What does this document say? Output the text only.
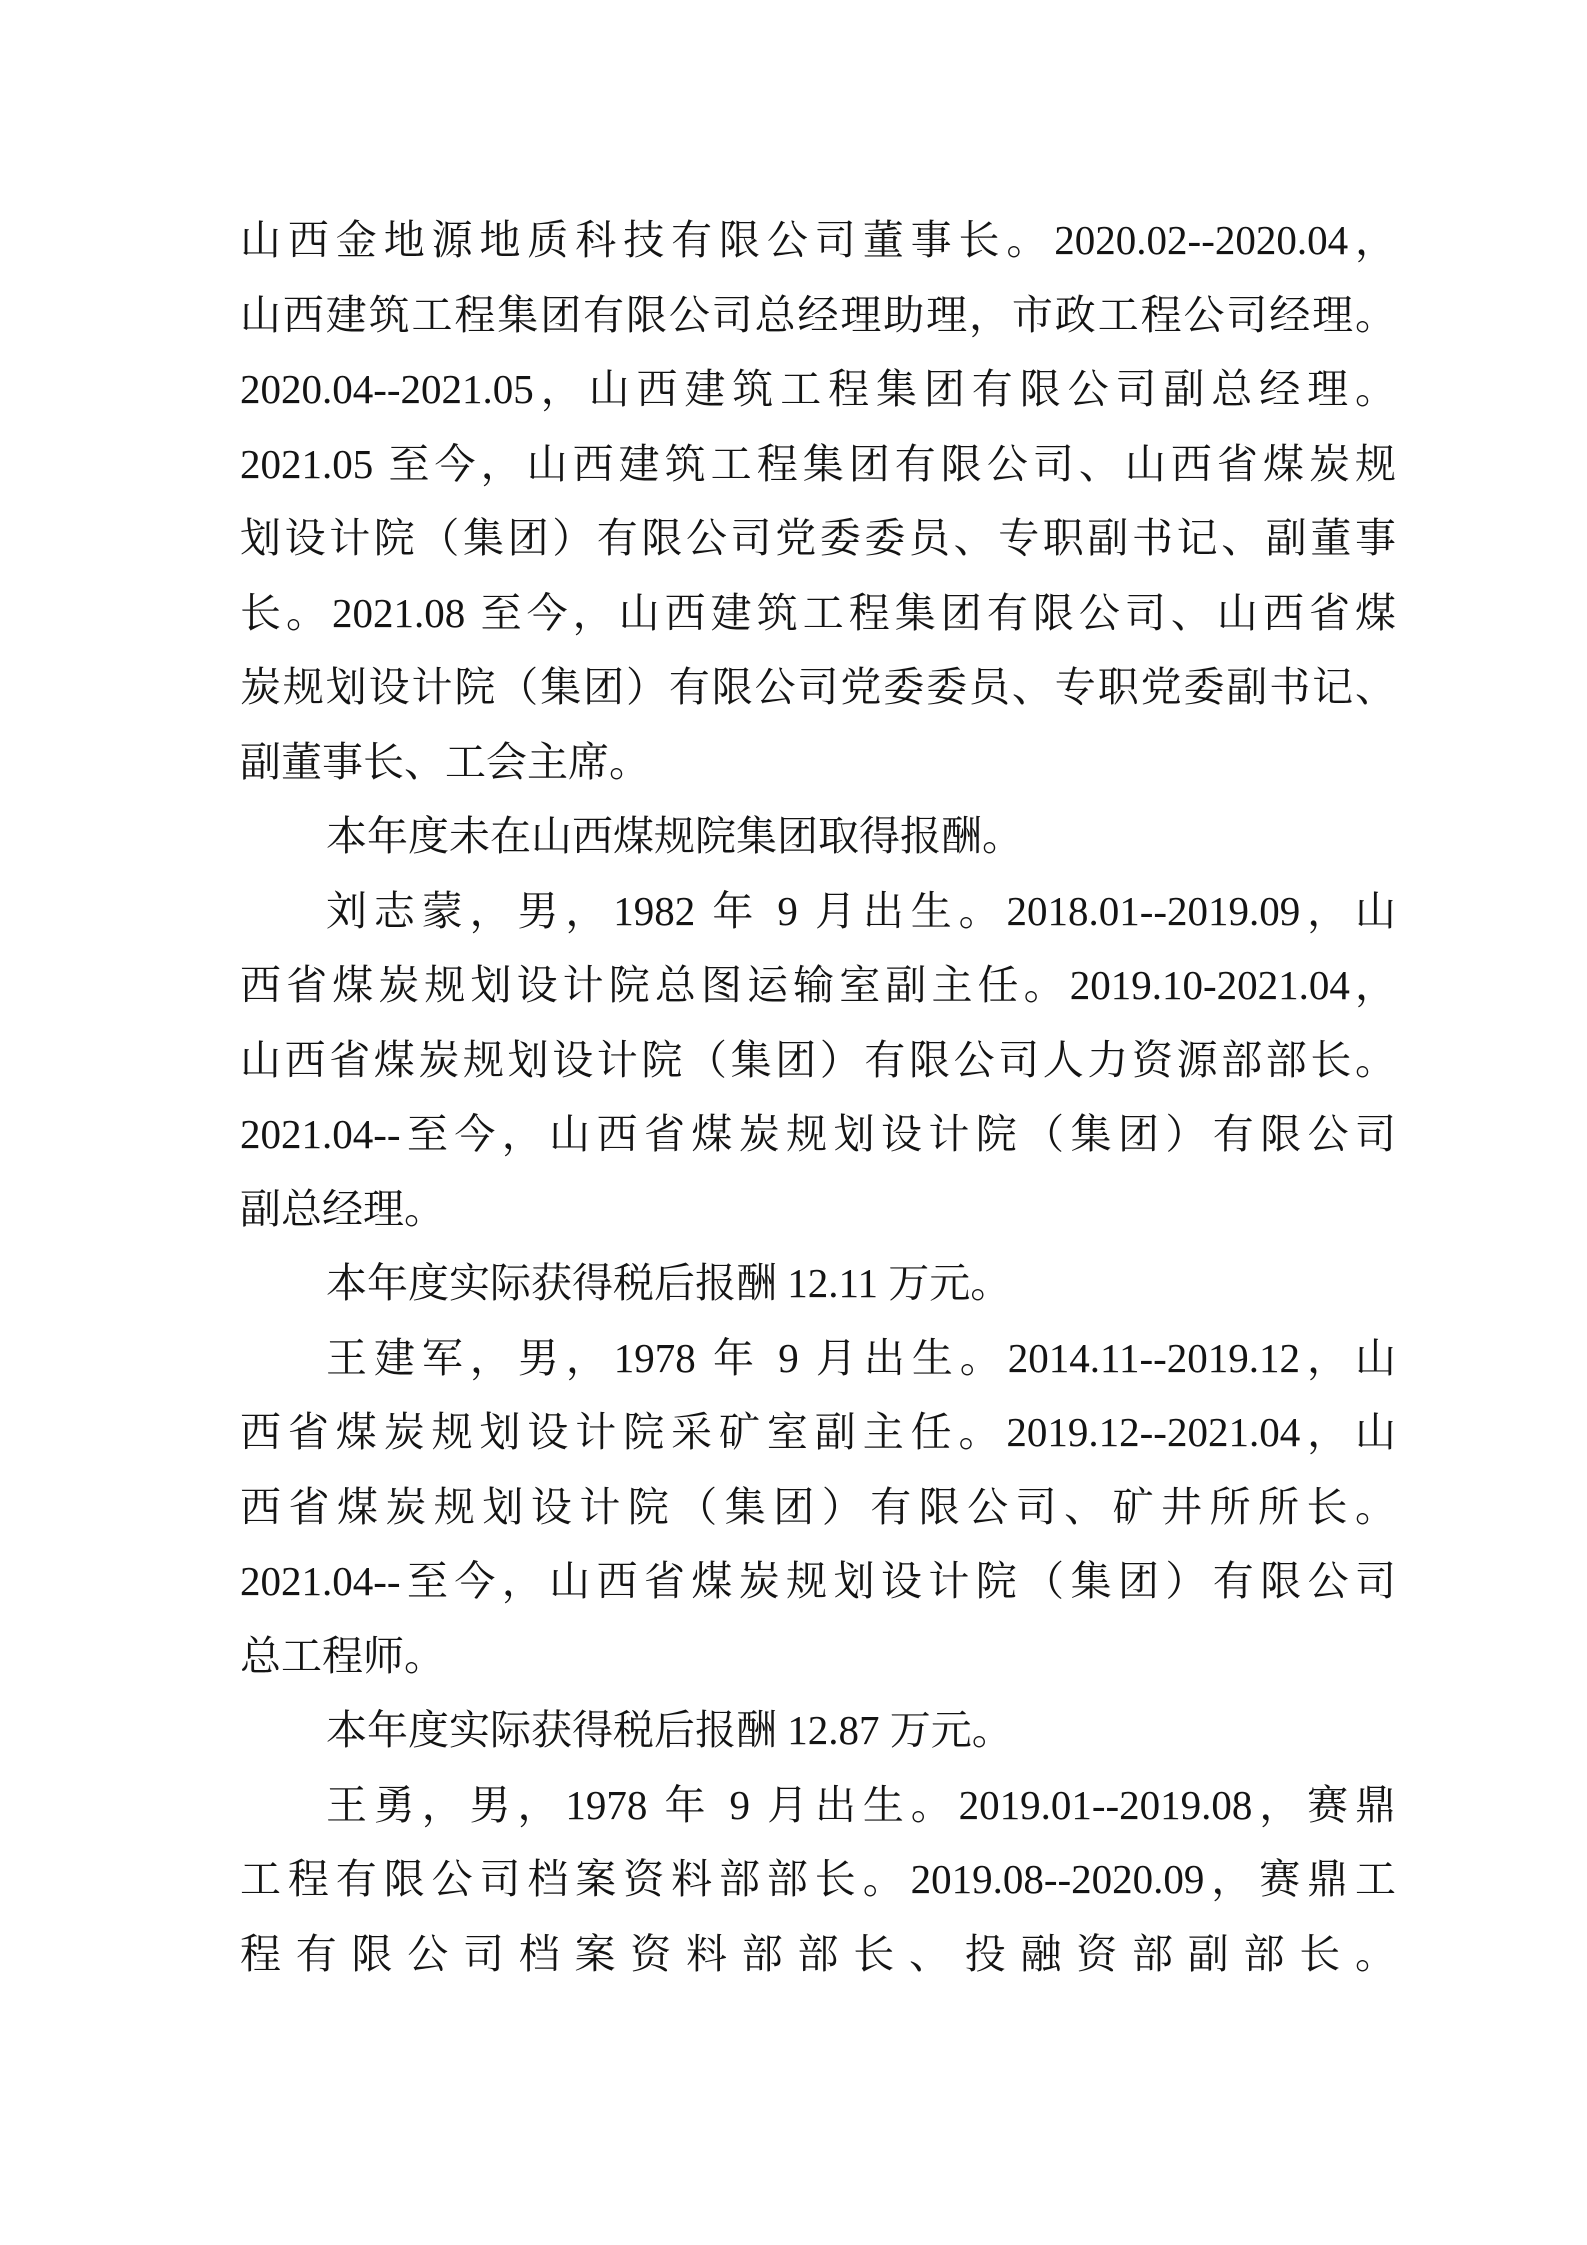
山西金地源地质科技有限公司董事长。2020.02--2020.04，
山西建筑工程集团有限公司总经理助理，市政工程公司经理。
2020.04--2021.05，山西建筑工程集团有限公司副总经理。
2021.05 至今，山西建筑工程集团有限公司、山西省煤炭规
划设计院（集团）有限公司党委委员、专职副书记、副董事
长。2021.08 至今，山西建筑工程集团有限公司、山西省煤
炭规划设计院（集团）有限公司党委委员、专职党委副书记、
副董事长、工会主席。
本年度未在山西煤规院集团取得报酬。
刘志蒙，男，1982 年 9 月出生。2018.01--2019.09，山
西省煤炭规划设计院总图运输室副主任。2019.10-2021.04，
山西省煤炭规划设计院（集团）有限公司人力资源部部长。
2021.04--至今，山西省煤炭规划设计院（集团）有限公司
副总经理。
本年度实际获得税后报酬 12.11 万元。
王建军，男，1978 年 9 月出生。2014.11--2019.12，山
西省煤炭规划设计院采矿室副主任。2019.12--2021.04，山
西省煤炭规划设计院（集团）有限公司、矿井所所长。
2021.04--至今，山西省煤炭规划设计院（集团）有限公司
总工程师。
本年度实际获得税后报酬 12.87 万元。
王勇，男，1978 年 9 月出生。2019.01--2019.08，赛鼎
工程有限公司档案资料部部长。2019.08--2020.09，赛鼎工
程有限公司档案资料部部长、投融资部副部长。
